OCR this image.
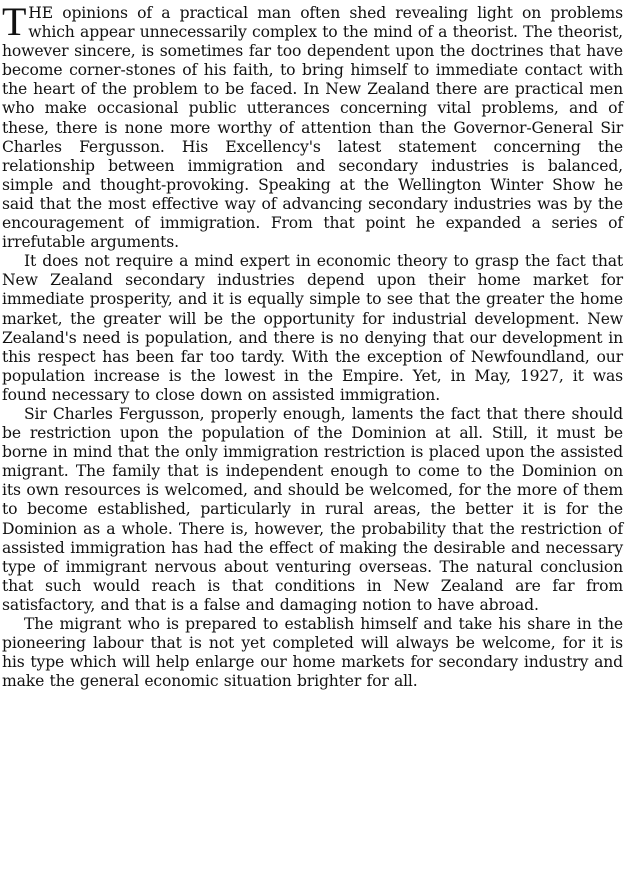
THE opinions of a practical man often shed revealing light on problems which appear unnecessarily complex to the mind of a theorist. The theorist, however sincere, is sometimes far too dependent upon the doctrines that have become corner-stones of his faith, to bring himself to immediate contact with the heart of the problem to be faced. In New Zealand there are practical men who make occasional public utterances concerning vital problems, and of these, there is none more worthy of attention than the Governor-General Sir Charles Fergusson. His Excellency's latest statement concerning the relationship between immigration and secondary industries is balanced, simple and thought-provoking. Speaking at the Wellington Winter Show he said that the most effective way of advancing secondary industries was by the encouragement of immigration. From that point he expanded a series of irrefutable arguments.

It does not require a mind expert in economic theory to grasp the fact that New Zealand secondary industries depend upon their home market for immediate prosperity, and it is equally simple to see that the greater the home market, the greater will be the opportunity for industrial development. New Zealand's need is population, and there is no denying that our development in this respect has been far too tardy. With the exception of Newfoundland, our population increase is the lowest in the Empire. Yet, in May, 1927, it was found necessary to close down on assisted immigration.

Sir Charles Fergusson, properly enough, laments the fact that there should be restriction upon the population of the Dominion at all. Still, it must be borne in mind that the only immigration restriction is placed upon the assisted migrant. The family that is independent enough to come to the Dominion on its own resources is welcomed, and should be welcomed, for the more of them to become established, particularly in rural areas, the better it is for the Dominion as a whole. There is, however, the probability that the restriction of assisted immigration has had the effect of making the desirable and necessary type of immigrant nervous about venturing overseas. The natural conclusion that such would reach is that conditions in New Zealand are far from satisfactory, and that is a false and damaging notion to have abroad.

The migrant who is prepared to establish himself and take his share in the pioneering labour that is not yet completed will always be welcome, for it is his type which will help enlarge our home markets for secondary industry and make the general economic situation brighter for all.
